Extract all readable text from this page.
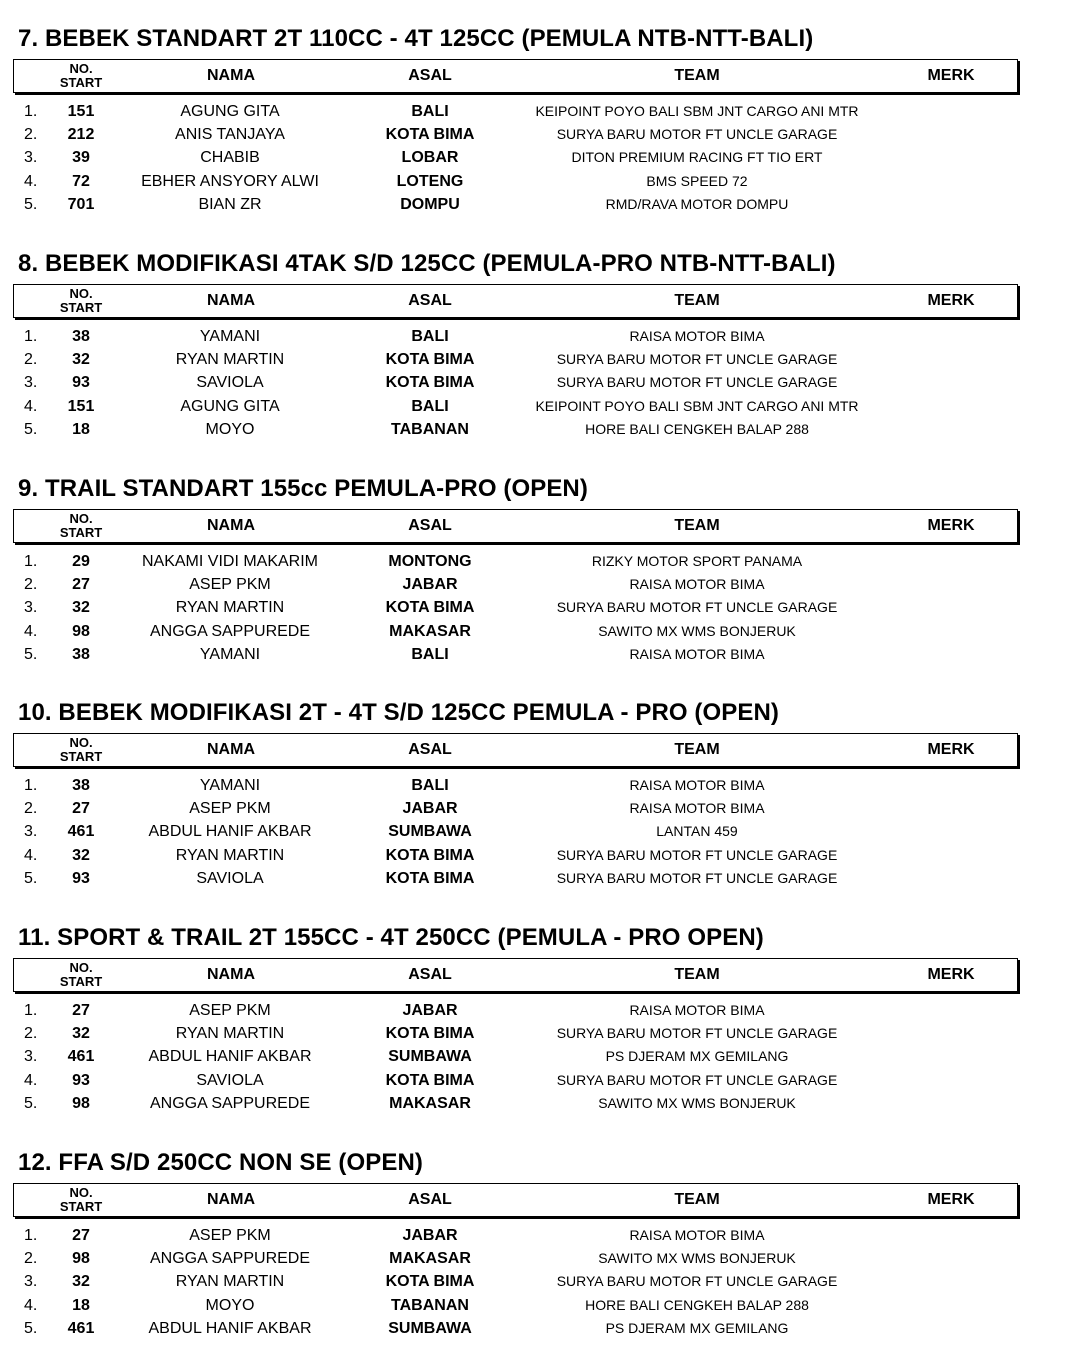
7. BEBEK STANDART 2T 110CC - 4T 125CC (PEMULA NTB-NTT-BALI)
NO.
START	NAMA	ASAL	TEAM	MERK
1.	151	AGUNG GITA	BALI	KEIPOINT POYO BALI SBM JNT CARGO ANI MTR
2.	212	ANIS TANJAYA	KOTA BIMA	SURYA BARU MOTOR FT UNCLE GARAGE
3.	39	CHABIB	LOBAR	DITON PREMIUM RACING FT TIO ERT
4.	72	EBHER ANSYORY ALWI	LOTENG	BMS SPEED 72
5.	701	BIAN ZR	DOMPU	RMD/RAVA MOTOR DOMPU
8. BEBEK MODIFIKASI 4TAK S/D 125CC (PEMULA-PRO NTB-NTT-BALI)
NO.
START	NAMA	ASAL	TEAM	MERK
1.	38	YAMANI	BALI	RAISA MOTOR BIMA
2.	32	RYAN MARTIN	KOTA BIMA	SURYA BARU MOTOR FT UNCLE GARAGE
3.	93	SAVIOLA	KOTA BIMA	SURYA BARU MOTOR FT UNCLE GARAGE
4.	151	AGUNG GITA	BALI	KEIPOINT POYO BALI SBM JNT CARGO ANI MTR
5.	18	MOYO	TABANAN	HORE BALI CENGKEH BALAP 288
9. TRAIL STANDART 155cc PEMULA-PRO (OPEN)
NO.
START	NAMA	ASAL	TEAM	MERK
1.	29	NAKAMI VIDI MAKARIM	MONTONG	RIZKY MOTOR SPORT PANAMA
2.	27	ASEP PKM	JABAR	RAISA MOTOR BIMA
3.	32	RYAN MARTIN	KOTA BIMA	SURYA BARU MOTOR FT UNCLE GARAGE
4.	98	ANGGA SAPPUREDE	MAKASAR	SAWITO MX WMS BONJERUK
5.	38	YAMANI	BALI	RAISA MOTOR BIMA
10. BEBEK MODIFIKASI 2T - 4T S/D 125CC PEMULA - PRO (OPEN)
NO.
START	NAMA	ASAL	TEAM	MERK
1.	38	YAMANI	BALI	RAISA MOTOR BIMA
2.	27	ASEP PKM	JABAR	RAISA MOTOR BIMA
3.	461	ABDUL HANIF AKBAR	SUMBAWA	LANTAN 459
4.	32	RYAN MARTIN	KOTA BIMA	SURYA BARU MOTOR FT UNCLE GARAGE
5.	93	SAVIOLA	KOTA BIMA	SURYA BARU MOTOR FT UNCLE GARAGE
11. SPORT & TRAIL 2T 155CC - 4T 250CC (PEMULA - PRO OPEN)
NO.
START	NAMA	ASAL	TEAM	MERK
1.	27	ASEP PKM	JABAR	RAISA MOTOR BIMA
2.	32	RYAN MARTIN	KOTA BIMA	SURYA BARU MOTOR FT UNCLE GARAGE
3.	461	ABDUL HANIF AKBAR	SUMBAWA	PS DJERAM MX GEMILANG
4.	93	SAVIOLA	KOTA BIMA	SURYA BARU MOTOR FT UNCLE GARAGE
5.	98	ANGGA SAPPUREDE	MAKASAR	SAWITO MX WMS BONJERUK
12. FFA S/D 250CC NON SE (OPEN)
NO.
START	NAMA	ASAL	TEAM	MERK
1.	27	ASEP PKM	JABAR	RAISA MOTOR BIMA
2.	98	ANGGA SAPPUREDE	MAKASAR	SAWITO MX WMS BONJERUK
3.	32	RYAN MARTIN	KOTA BIMA	SURYA BARU MOTOR FT UNCLE GARAGE
4.	18	MOYO	TABANAN	HORE BALI CENGKEH BALAP 288
5.	461	ABDUL HANIF AKBAR	SUMBAWA	PS DJERAM MX GEMILANG
